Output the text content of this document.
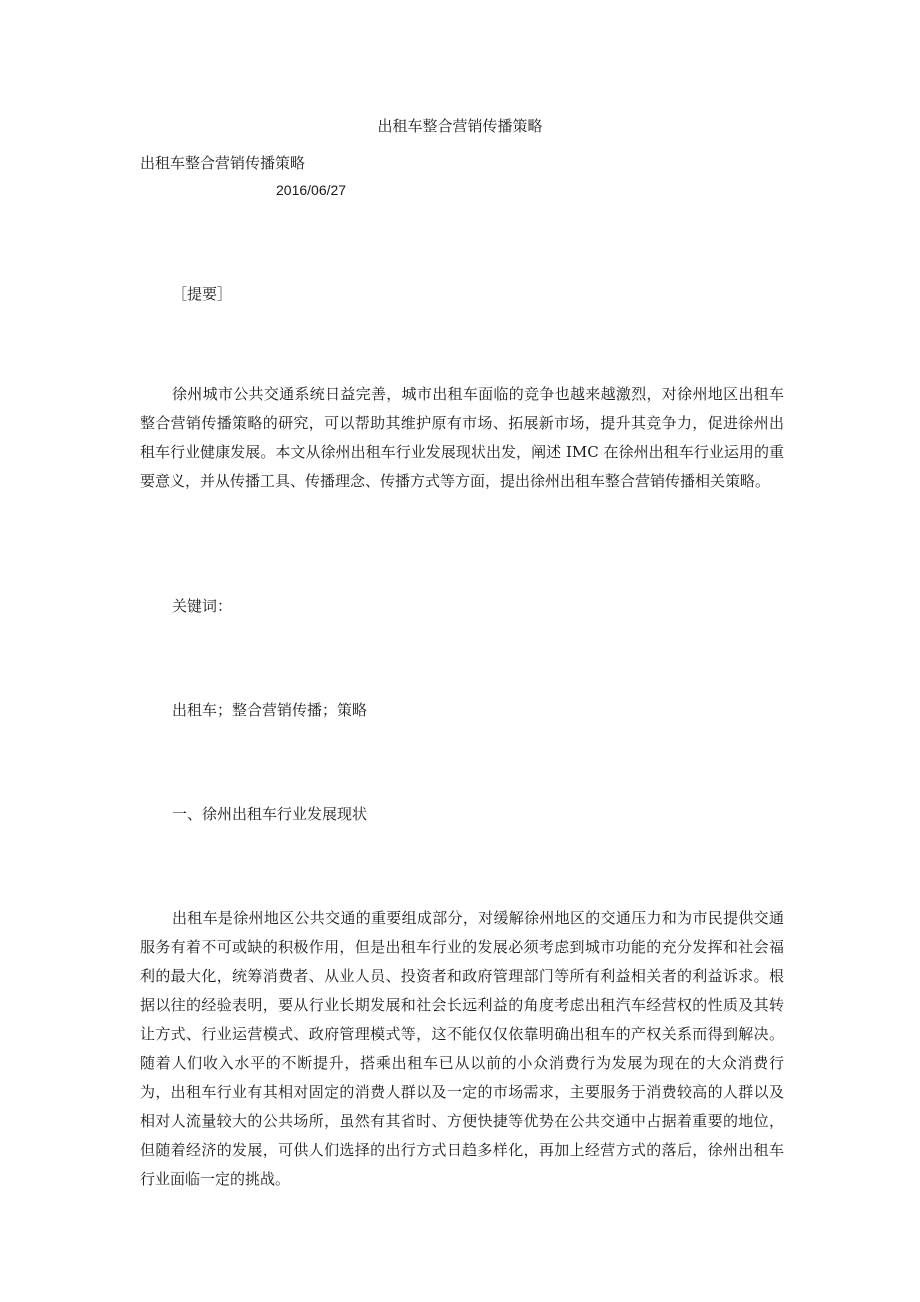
出租车整合营销传播策略
出租车整合营销传播策略
2016/06/27
［提要］

徐州城市公共交通系统日益完善，城市出租车面临的竞争也越来越激烈，对徐州地区出租车整合营销传播策略的研究，可以帮助其维护原有市场、拓展新市场，提升其竞争力，促进徐州出租车行业健康发展。本文从徐州出租车行业发展现状出发，阐述 IMC 在徐州出租车行业运用的重要意义，并从传播工具、传播理念、传播方式等方面，提出徐州出租车整合营销传播相关策略。

关键词：
出租车；整合营销传播；策略
一、徐州出租车行业发展现状

出租车是徐州地区公共交通的重要组成部分，对缓解徐州地区的交通压力和为市民提供交通服务有着不可或缺的积极作用，但是出租车行业的发展必须考虑到城市功能的充分发挥和社会福利的最大化，统筹消费者、从业人员、投资者和政府管理部门等所有利益相关者的利益诉求。根据以往的经验表明，要从行业长期发展和社会长远利益的角度考虑出租汽车经营权的性质及其转让方式、行业运营模式、政府管理模式等，这不能仅仅依靠明确出租车的产权关系而得到解决。随着人们收入水平的不断提升，搭乘出租车已从以前的小众消费行为发展为现在的大众消费行为，出租车行业有其相对固定的消费人群以及一定的市场需求，主要服务于消费较高的人群以及相对人流量较大的公共场所，虽然有其省时、方便快捷等优势在公共交通中占据着重要的地位，但随着经济的发展，可供人们选择的出行方式日趋多样化，再加上经营方式的落后，徐州出租车行业面临一定的挑战。
